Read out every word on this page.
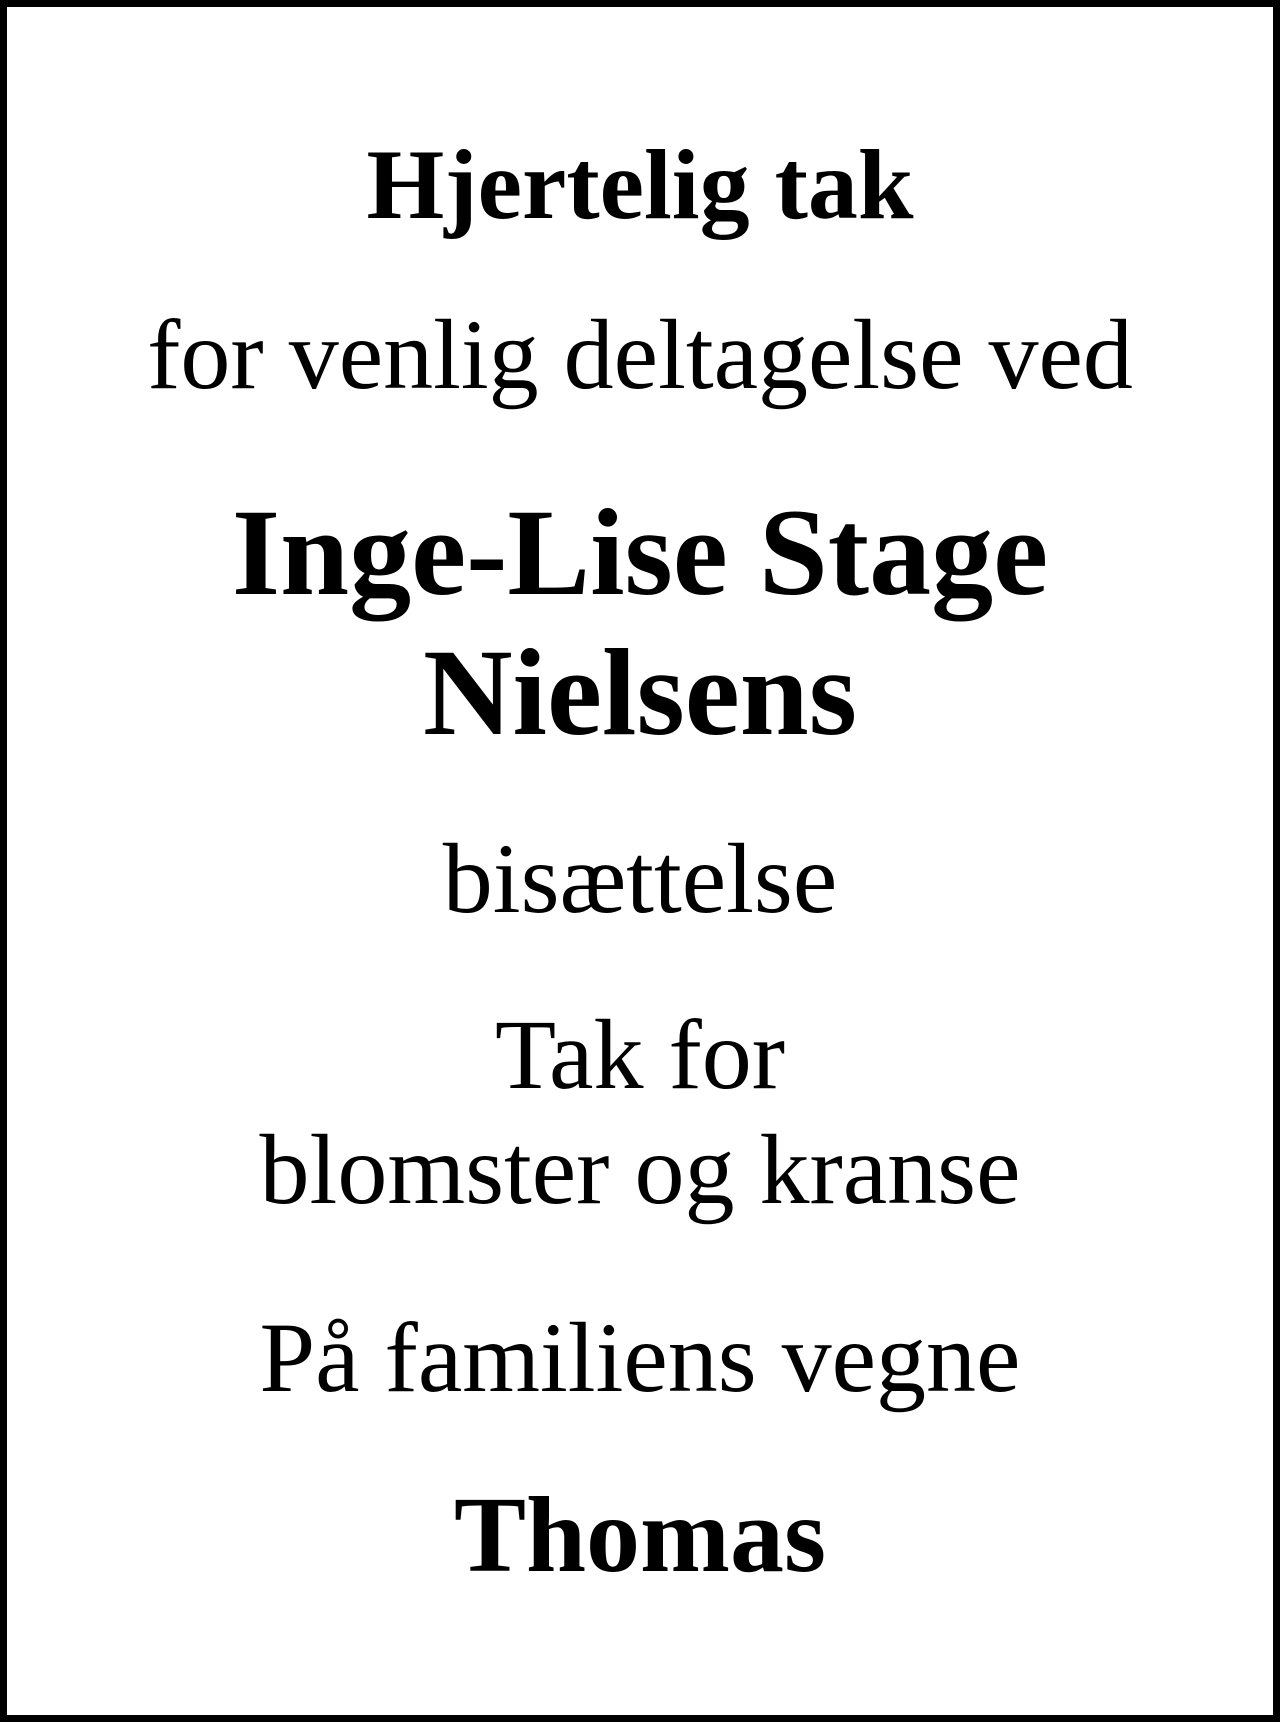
Hjertelig tak

for venlig deltagelse ved

Inge-Lise Stage
Nielsens

bisættelse

Tak for
blomster og kranse

På familiens vegne

Thomas
